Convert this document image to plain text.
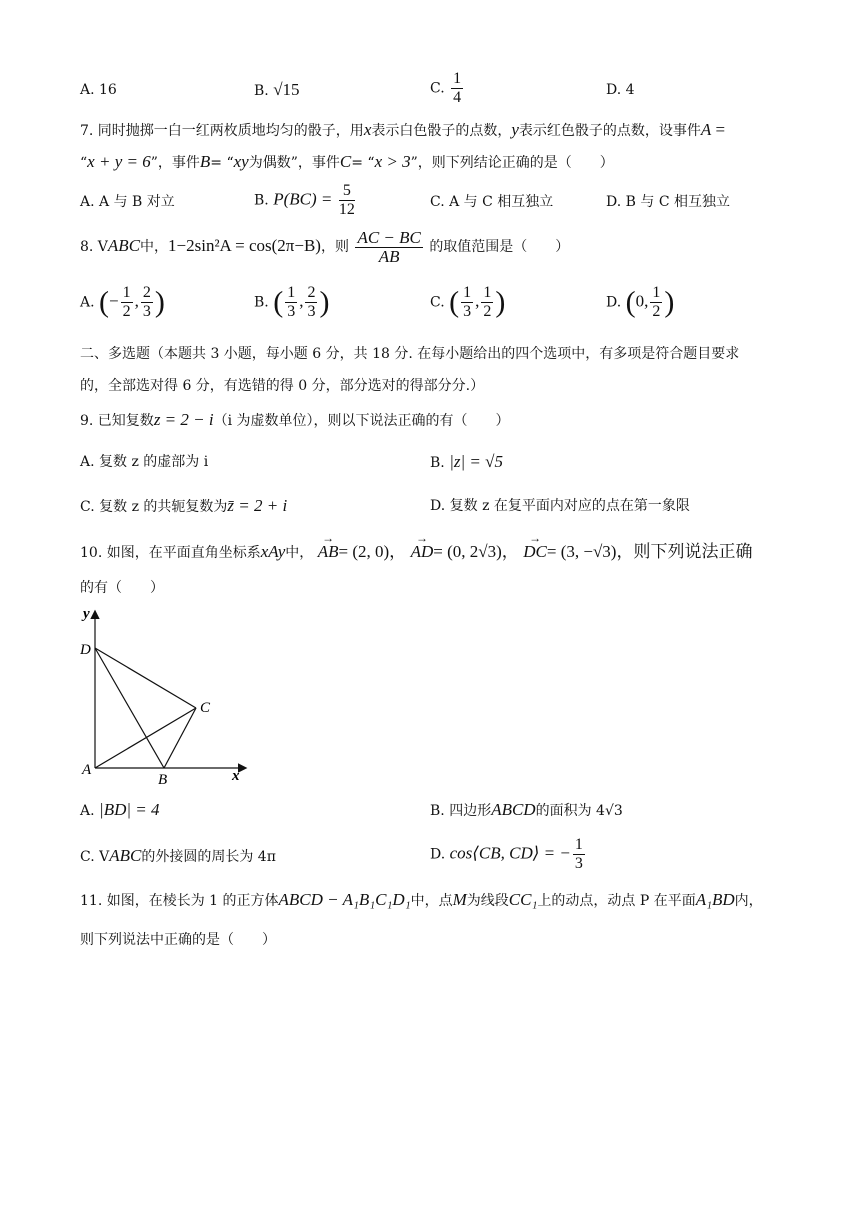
A. 16	B. √15	C. $\frac{1}{4}$	D. 4
7. 同时抛掷一白一红两枚质地均匀的骰子，用x表示白色骰子的点数，y表示红色骰子的点数，设事件A =
“x + y = 6”，事件B= “xy为偶数”，事件C= “x > 3”，则下列结论正确的是（　　）
A. A 与 B 对立	B. $P(BC) = \frac{5}{12}$	C. A 与 C 相互独立	D. B 与 C 相互独立
8. VABC中，1−2sin²A = cos(2π−B)，则 $\frac{AC - BC}{AB}$ 的取值范围是（　　）
A. (− $\frac{1}{2}$ , $\frac{2}{3}$ )	B. ( $\frac{1}{3}$ , $\frac{2}{3}$ )	C. ( $\frac{1}{3}$ , $\frac{1}{2}$ )	D. (0, $\frac{1}{2}$ )
二、多选题（本题共 3 小题，每小题 6 分，共 18 分. 在每小题给出的四个选项中，有多项是符合题目要求
的，全部选对得 6 分，有选错的得 0 分，部分选对的得部分分.）
9. 已知复数z = 2 − i（i 为虚数单位），则以下说法正确的有（　　）
A. 复数 z 的虚部为 i	B. |z| = √5
C. 复数 z 的共轭复数为z̄ = 2 + i	D. 复数 z 在复平面内对应的点在第一象限
10. 如图，在平面直角坐标系xAy中， → AB= (2, 0)， → AD= (0, 2√3)， → DC= (3, −√3)，则下列说法正确
的有（　　）
y
x
D
C
A
B
A. |BD| = 4	B. 四边形ABCD的面积为 4√3
C. VABC的外接圆的周长为 4π	D. cos⟨CB, CD⟩ = − $\frac{1}{3}$
11. 如图，在棱长为 1 的正方体ABCD − A₁B₁C₁D₁中，点M为线段CC₁上的动点，动点 P 在平面A₁BD内，
则下列说法中正确的是（　　）
